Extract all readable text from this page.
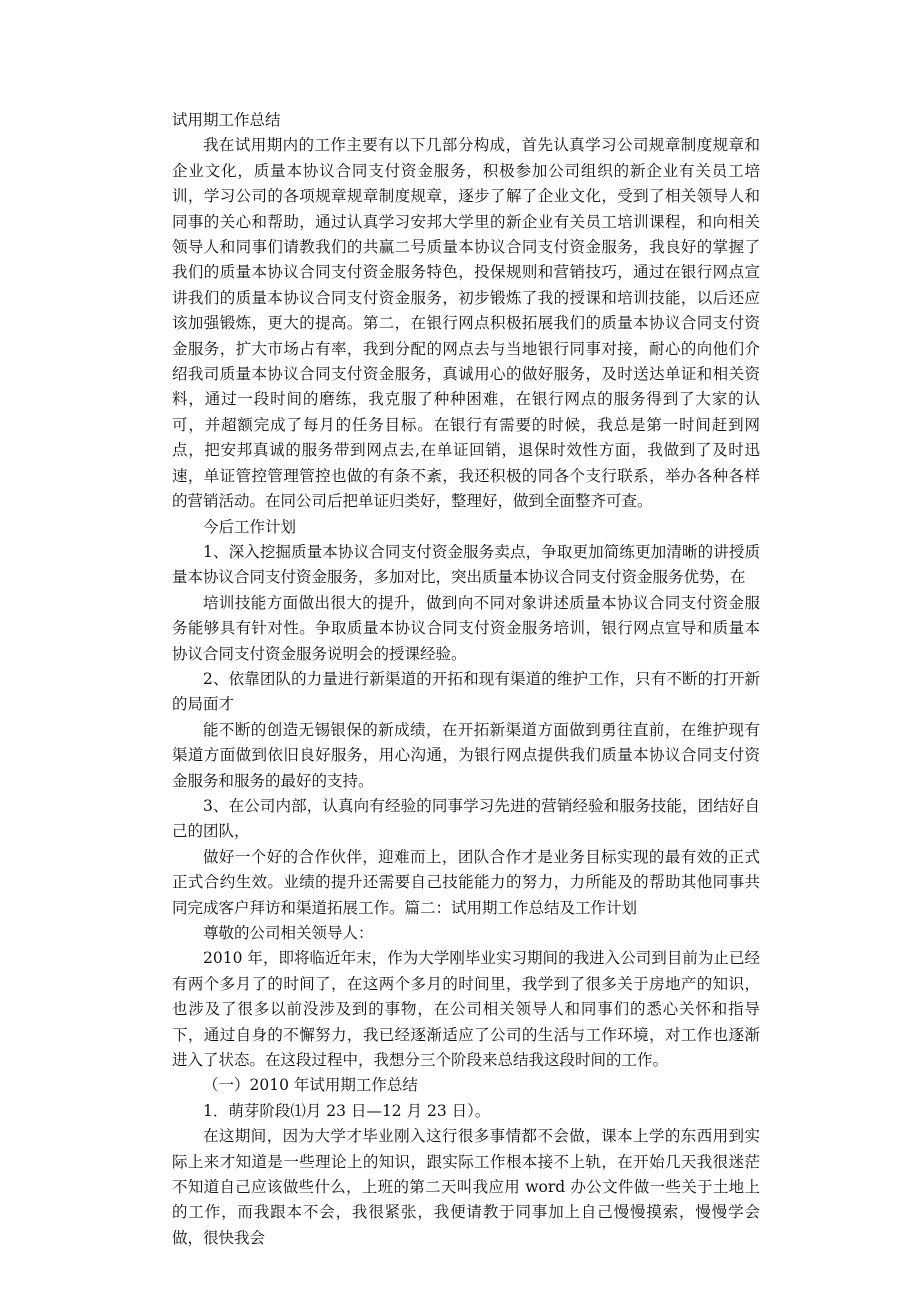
试用期工作总结

我在试用期内的工作主要有以下几部分构成，首先认真学习公司规章制度规章和企业文化，质量本协议合同支付资金服务，积极参加公司组织的新企业有关员工培训，学习公司的各项规章规章制度规章，逐步了解了企业文化，受到了相关领导人和同事的关心和帮助，通过认真学习安邦大学里的新企业有关员工培训课程，和向相关领导人和同事们请教我们的共赢二号质量本协议合同支付资金服务，我良好的掌握了我们的质量本协议合同支付资金服务特色，投保规则和营销技巧，通过在银行网点宣讲我们的质量本协议合同支付资金服务，初步锻炼了我的授课和培训技能，以后还应该加强锻炼，更大的提高。第二，在银行网点积极拓展我们的质量本协议合同支付资金服务，扩大市场占有率，我到分配的网点去与当地银行同事对接，耐心的向他们介绍我司质量本协议合同支付资金服务，真诚用心的做好服务，及时送达单证和相关资料，通过一段时间的磨练，我克服了种种困难，在银行网点的服务得到了大家的认可，并超额完成了每月的任务目标。在银行有需要的时候，我总是第一时间赶到网点，把安邦真诚的服务带到网点去,在单证回销，退保时效性方面，我做到了及时迅速，单证管控管理管控也做的有条不紊，我还积极的同各个支行联系，举办各种各样的营销活动。在同公司后把单证归类好，整理好，做到全面整齐可查。

今后工作计划

1、深入挖掘质量本协议合同支付资金服务卖点，争取更加简练更加清晰的讲授质量本协议合同支付资金服务，多加对比，突出质量本协议合同支付资金服务优势，在

培训技能方面做出很大的提升，做到向不同对象讲述质量本协议合同支付资金服务能够具有针对性。争取质量本协议合同支付资金服务培训，银行网点宣导和质量本协议合同支付资金服务说明会的授课经验。

2、依靠团队的力量进行新渠道的开拓和现有渠道的维护工作，只有不断的打开新的局面才

能不断的创造无锡银保的新成绩，在开拓新渠道方面做到勇往直前，在维护现有渠道方面做到依旧良好服务，用心沟通，为银行网点提供我们质量本协议合同支付资金服务和服务的最好的支持。

3、在公司内部，认真向有经验的同事学习先进的营销经验和服务技能，团结好自己的团队，

做好一个好的合作伙伴，迎难而上，团队合作才是业务目标实现的最有效的正式正式合约生效。业绩的提升还需要自己技能能力的努力，力所能及的帮助其他同事共同完成客户拜访和渠道拓展工作。篇二：试用期工作总结及工作计划

尊敬的公司相关领导人：

2010 年，即将临近年末，作为大学刚毕业实习期间的我进入公司到目前为止已经有两个多月了的时间了，在这两个多月的时间里，我学到了很多关于房地产的知识，也涉及了很多以前没涉及到的事物，在公司相关领导人和同事们的悉心关怀和指导下，通过自身的不懈努力，我已经逐渐适应了公司的生活与工作环境，对工作也逐渐进入了状态。在这段过程中，我想分三个阶段来总结我这段时间的工作。

（一）2010 年试用期工作总结

1．萌芽阶段⑴月 23 日—12 月 23 日）。

在这期间，因为大学才毕业刚入这行很多事情都不会做，课本上学的东西用到实际上来才知道是一些理论上的知识，跟实际工作根本接不上轨，在开始几天我很迷茫不知道自己应该做些什么，上班的第二天叫我应用 word 办公文件做一些关于土地上的工作，而我跟本不会，我很紧张，我便请教于同事加上自己慢慢摸索，慢慢学会做，很快我会
